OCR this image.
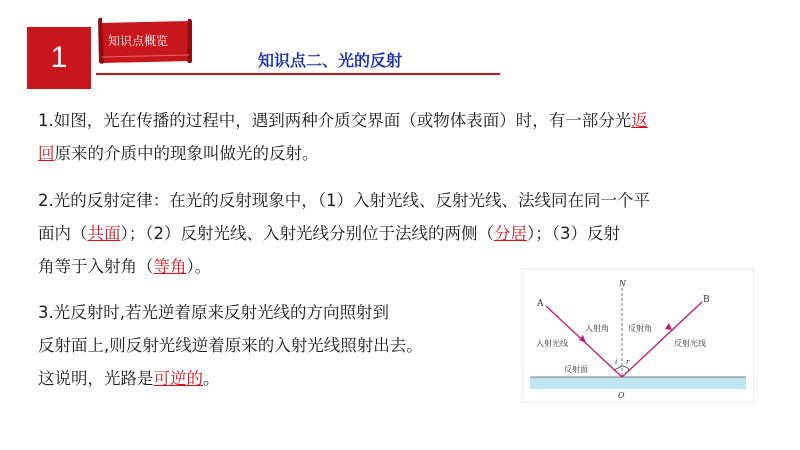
1	知识点概览
知识点二、光的反射
1.如图，光在传播的过程中，遇到两种介质交界面（或物体表面）时，有一部分光返
回原来的介质中的现象叫做光的反射。
2.光的反射定律：在光的反射现象中，（1）入射光线、反射光线、法线同在同一个平
面内（共面）；（2）反射光线、入射光线分别位于法线的两侧（分居）；（3）反射
角等于入射角（等角）。
3.光反射时,若光逆着原来反射光线的方向照射到
反射面上,则反射光线逆着原来的入射光线照射出去。
这说明，光路是可逆的。
N
A	B
O
i r
入射角 反射角
入射光线	反射光线
反射面
